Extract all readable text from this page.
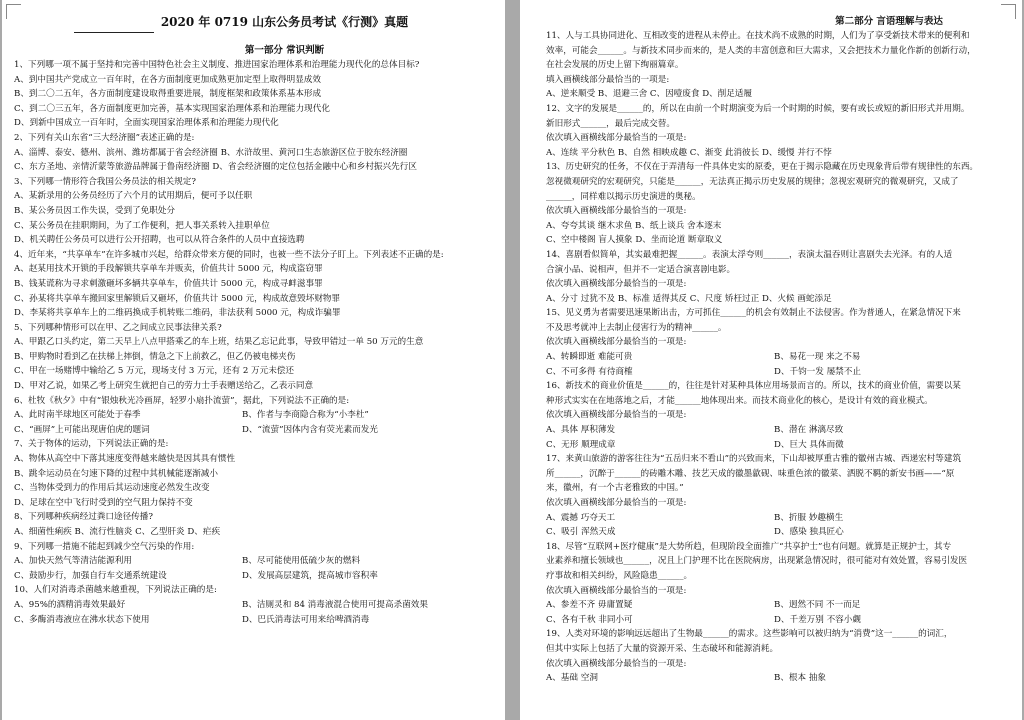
2020 年 0719 山东公务员考试《行测》真题
第一部分 常识判断
1、下列哪一项不属于坚持和完善中国特色社会主义制度、推进国家治理体系和治理能力现代化的总体目标?
A、到中国共产党成立一百年时，在各方面制度更加成熟更加定型上取得明显成效
B、到二〇二五年，各方面制度建设取得重要进展，制度框架和政策体系基本形成
C、到二〇三五年，各方面制度更加完善，基本实现国家治理体系和治理能力现代化
D、到新中国成立一百年时，全面实现国家治理体系和治理能力现代化
2、下列有关山东省“三大经济圈”表述正确的是:
A、淄博、泰安、德州、滨州、潍坊都属于省会经济圈 B、水浒故里、黄河口生态旅游区位于胶东经济圈
C、东方圣地、亲情沂蒙等旅游品牌属于鲁南经济圈 D、省会经济圈的定位包括金融中心和乡村振兴先行区
3、下列哪一情形符合我国公务员法的相关规定?
A、某新录用的公务员经历了六个月的试用期后，便可予以任职
B、某公务员因工作失误，受到了免职处分
C、某公务员在挂职期间，为了工作便利，把人事关系转入挂职单位
D、机关聘任公务员可以进行公开招聘，也可以从符合条件的人员中直接选聘
4、近年来，“共享单车”在许多城市兴起，给群众带来方便的同时，也被一些不法分子盯上。下列表述不正确的是:
A、赵某用技术开锁的手段解锁共享单车并贩卖，价值共计 5000 元，构成盗窃罪
B、钱某谎称为寻求刺激砸坏多辆共享单车，价值共计 5000 元，构成寻衅滋事罪
C、孙某将共享单车搬回家里解锁后又砸坏，价值共计 5000 元，构成故意毁坏财物罪
D、李某将共享单车上的二维码换成手机转账二维码，非法获利 5000 元，构成诈骗罪
5、下列哪种情形可以在甲、乙之间成立民事法律关系?
A、甲跟乙口头约定，第二天早上八点甲搭乘乙的车上班，结果乙忘记此事，导致甲错过一单 50 万元的生意
B、甲购物时看到乙在扶梯上摔倒，情急之下上前救乙，但乙仍被电梯夹伤
C、甲在一场赌博中输给乙 5 万元，现场支付 3 万元，还有 2 万元未偿还
D、甲对乙说，如果乙考上研究生就把自己的劳力士手表赠送给乙，乙表示同意
6、杜牧《秋夕》中有“银烛秋光冷画屏，轻罗小扇扑流萤”，据此，下列说法不正确的是:
A、此时南半球地区可能处于春季	B、作者与李商隐合称为“小李杜”
C、“画屏”上可能出现唐伯虎的题词	D、“流萤”因体内含有荧光素而发光
7、关于物体的运动，下列说法正确的是:
A、物体从高空中下落其速度变得越来越快是因其具有惯性
B、跳伞运动员在匀速下降的过程中其机械能逐渐减小
C、当物体受到力的作用后其运动速度必然发生改变
D、足球在空中飞行时受到的空气阻力保持不变
8、下列哪种疾病经过粪口途径传播?
A、细菌性痢疾 B、流行性脑炎 C、乙型肝炎 D、疟疾
9、下列哪一措施不能起到减少空气污染的作用:
A、加快天然气等清洁能源利用	B、尽可能使用低硫少灰的燃料
C、鼓励步行，加强自行车交通系统建设	D、发展高层建筑，提高城市容积率
10、人们对消毒杀菌越来越重视，下列说法正确的是:
A、95%的酒精消毒效果最好	B、洁厕灵和 84 消毒液混合使用可提高杀菌效果
C、多酶消毒液应在沸水状态下使用	D、巴氏消毒法可用来给啤酒消毒
第二部分 言语理解与表达
11、人与工具协同进化、互相改变的进程从未停止。在技术尚不成熟的时期，人们为了享受新技术带来的便利和
效率，可能会______。与新技术同步而来的，是人类的丰富创意和巨大需求，又会把技术力量化作新的创新行动，
在社会发展的历史上留下绚丽篇章。
填入画横线部分最恰当的一项是:
A、逆来顺受 B、退避三舍 C、因噎废食 D、削足适履
12、文字的发展是______的，所以在由前一个时期演变为后一个时期的时候，要有或长或短的新旧形式并用期。
新旧形式______，最后完成交替。
依次填入画横线部分最恰当的一项是:
A、连续 平分秋色 B、自然 相映成趣 C、渐变 此消彼长 D、缓慢 并行不悖
13、历史研究的任务，不仅在于弄清每一件具体史实的原委，更在于揭示隐藏在历史现象背后带有规律性的东西。
忽视微观研究的宏观研究，只能是______，无法真正揭示历史发展的规律；忽视宏观研究的微观研究，又成了
______，同样难以揭示历史演进的奥秘。
依次填入画横线部分最恰当的一项是:
A、夸夸其谈 继木求鱼 B、纸上谈兵 舍本逐末
C、空中楼阁 盲人摸象 D、坐而论道 断章取义
14、喜剧看似简单，其实最难把握______。表演太浮夸则______，表演太温吞则让喜剧失去光泽。有的人适
合演小品、说相声，但并不一定适合演喜剧电影。
依次填入画横线部分最恰当的一项是:
A、分寸 过犹不及 B、标准 适得其反 C、尺度 矫枉过正 D、火候 画蛇添足
15、见义勇为者需要迅速果断出击，方可抓住______的机会有效制止不法侵害。作为普通人，在紧急情况下来
不及思考就冲上去制止侵害行为的精神______。
依次填入画横线部分最恰当的一项是:
A、转瞬即逝 难能可贵	B、易花一现 来之不易
C、不可多得 有待商榷	D、千钧一发 屡禁不止
16、新技术的商业价值是______的，往往是针对某种具体应用场景而言的。所以，技术的商业价值，需要以某
种形式实实在在地落地之后，才能______地体现出来。而技术商业化的核心，是设计有效的商业模式。
依次填入画横线部分最恰当的一项是:
A、具体 厚积薄发	B、潜在 淋漓尽致
C、无形 顺理成章	D、巨大 具体而微
17、来黄山旅游的游客往往为“五岳归来不看山”的兴致而来，下山却被厚重古雅的徽州古城、西递宏村等建筑
所______，沉醉于______的砖雕木雕、技艺天成的徽墨歙砚、味重色浓的徽菜、洒脱不羁的新安书画——“原
来，徽州，有一个古老雅致的中国。”
依次填入画横线部分最恰当的一项是:
A、震撼 巧夺天工	B、折服 妙趣横生
C、吸引 浑然天成	D、感染 独具匠心
18、尽管“互联网+医疗健康”是大势所趋，但现阶段全面推广“共享护士”也有问题。就算是正规护士，其专
业素养和擅长领域也______，况且上门护理不比在医院病房，出现紧急情况时，很可能对有效处置，容易引发医
疗事故和相关纠纷，风险隐患______。
依次填入画横线部分最恰当的一项是:
A、参差不齐 毋庸置疑	B、迥然不同 不一而足
C、各有千秋 非同小可	D、千差万别 不容小觑
19、人类对环境的影响远远超出了生物最______的需求。这些影响可以被归纳为“消费”这一______的词汇，
但其中实际上包括了大量的资源开采、生态破坏和能源消耗。
依次填入画横线部分最恰当的一项是:
A、基础 空洞	B、根本 抽象
